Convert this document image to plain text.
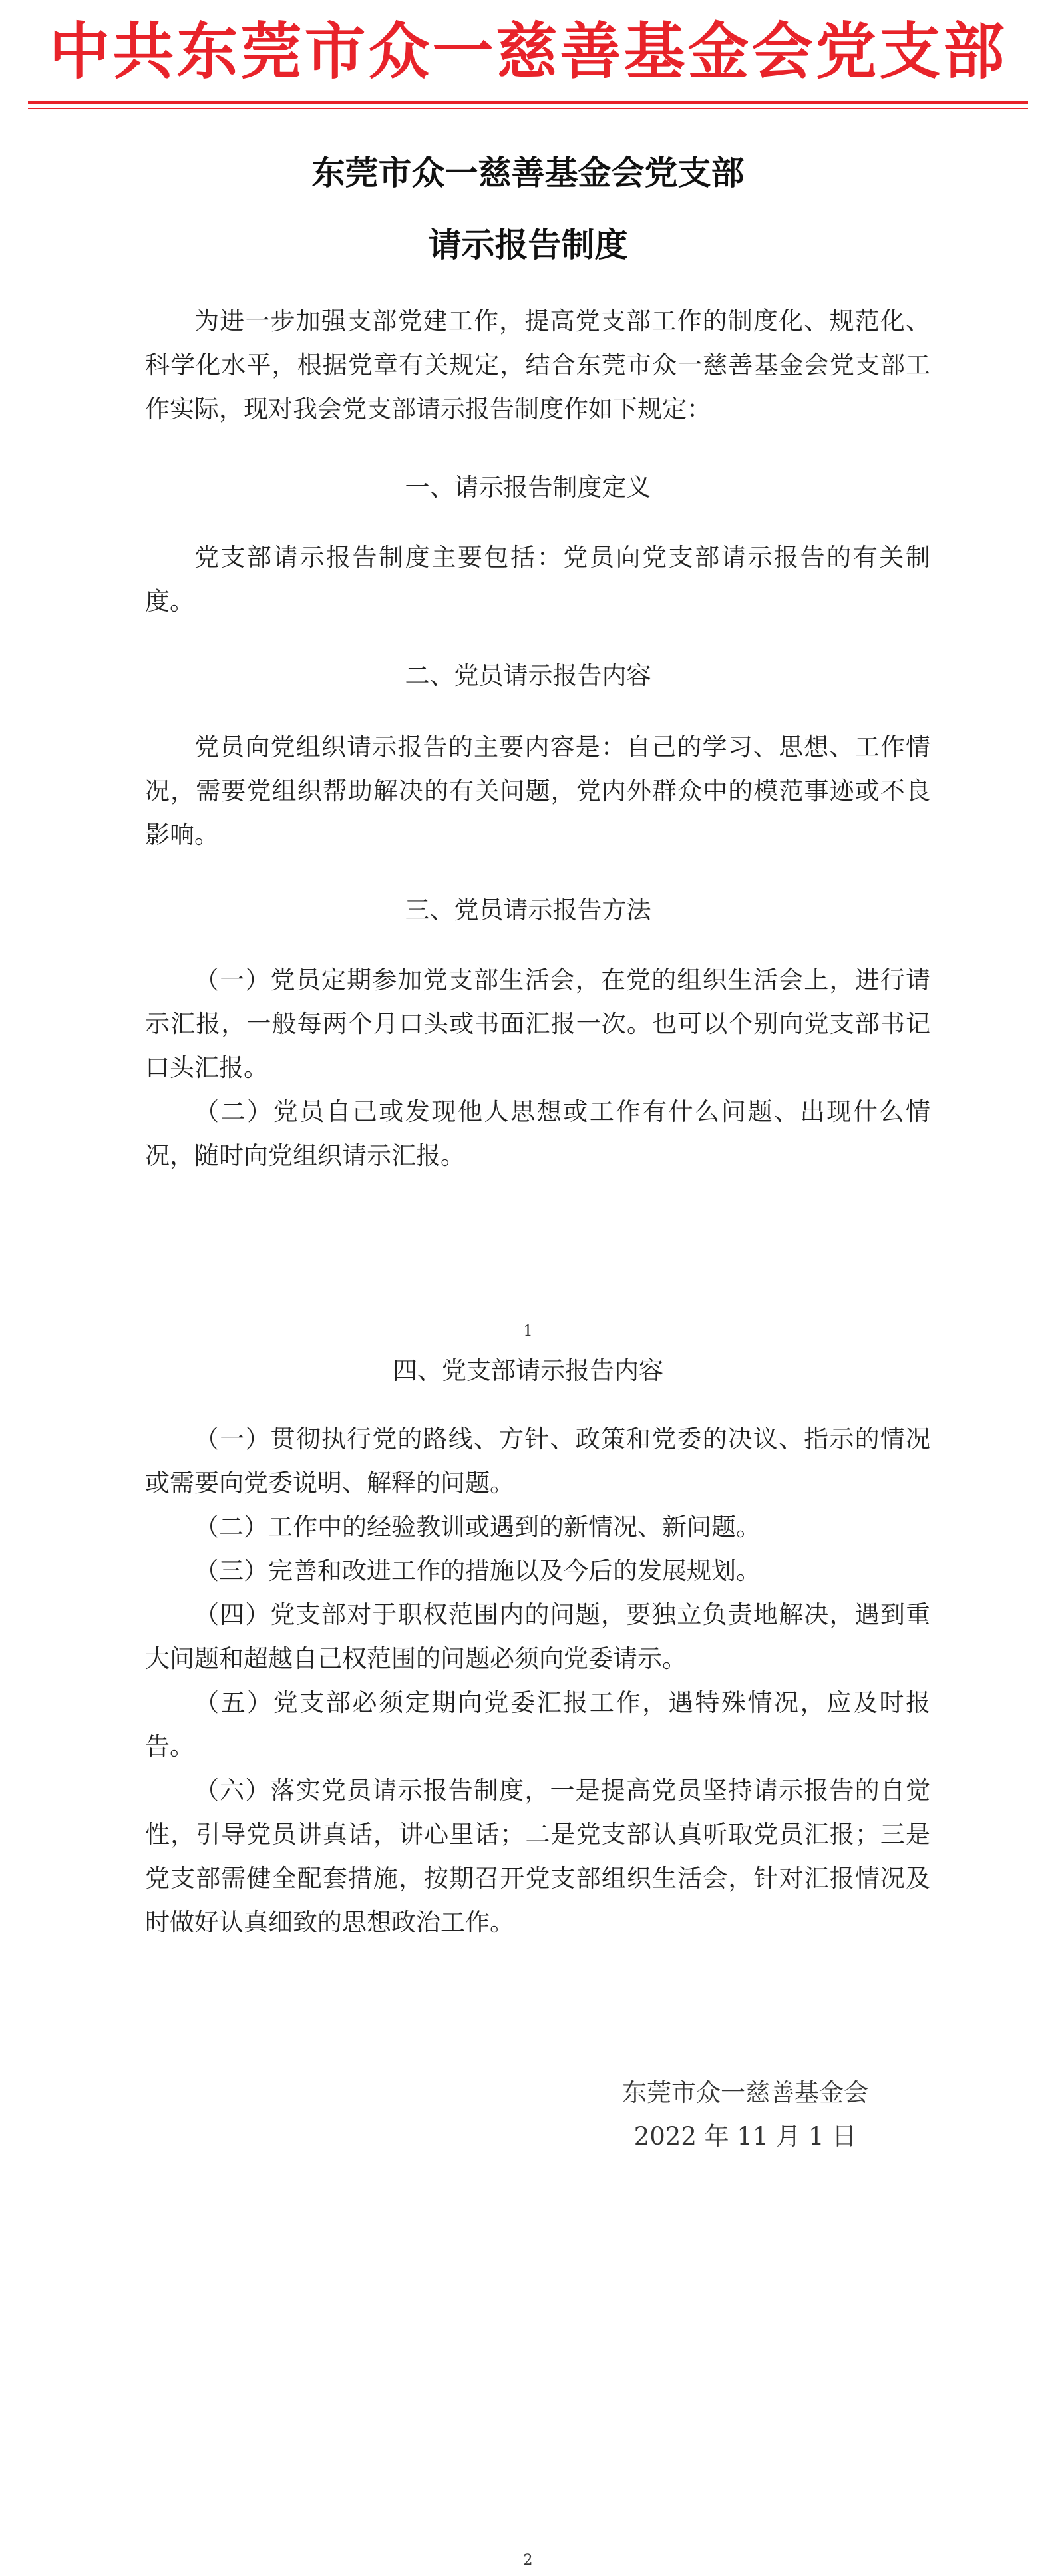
中共东莞市众一慈善基金会党支部
东莞市众一慈善基金会党支部
请示报告制度
为进一步加强支部党建工作，提高党支部工作的制度化、规范化、科学化水平，根据党章有关规定，结合东莞市众一慈善基金会党支部工作实际，现对我会党支部请示报告制度作如下规定：
一、请示报告制度定义
党支部请示报告制度主要包括：党员向党支部请示报告的有关制度。
二、党员请示报告内容
党员向党组织请示报告的主要内容是：自己的学习、思想、工作情况，需要党组织帮助解决的有关问题，党内外群众中的模范事迹或不良影响。
三、党员请示报告方法
（一）党员定期参加党支部生活会，在党的组织生活会上，进行请示汇报，一般每两个月口头或书面汇报一次。也可以个别向党支部书记口头汇报。
（二）党员自己或发现他人思想或工作有什么问题、出现什么情况，随时向党组织请示汇报。
1
四、党支部请示报告内容
（一）贯彻执行党的路线、方针、政策和党委的决议、指示的情况或需要向党委说明、解释的问题。
（二）工作中的经验教训或遇到的新情况、新问题。
（三）完善和改进工作的措施以及今后的发展规划。
（四）党支部对于职权范围内的问题，要独立负责地解决，遇到重大问题和超越自己权范围的问题必须向党委请示。
（五）党支部必须定期向党委汇报工作，遇特殊情况，应及时报告。
（六）落实党员请示报告制度，一是提高党员坚持请示报告的自觉性，引导党员讲真话，讲心里话；二是党支部认真听取党员汇报；三是党支部需健全配套措施，按期召开党支部组织生活会，针对汇报情况及时做好认真细致的思想政治工作。
东莞市众一慈善基金会
2022 年 11 月 1 日
2
